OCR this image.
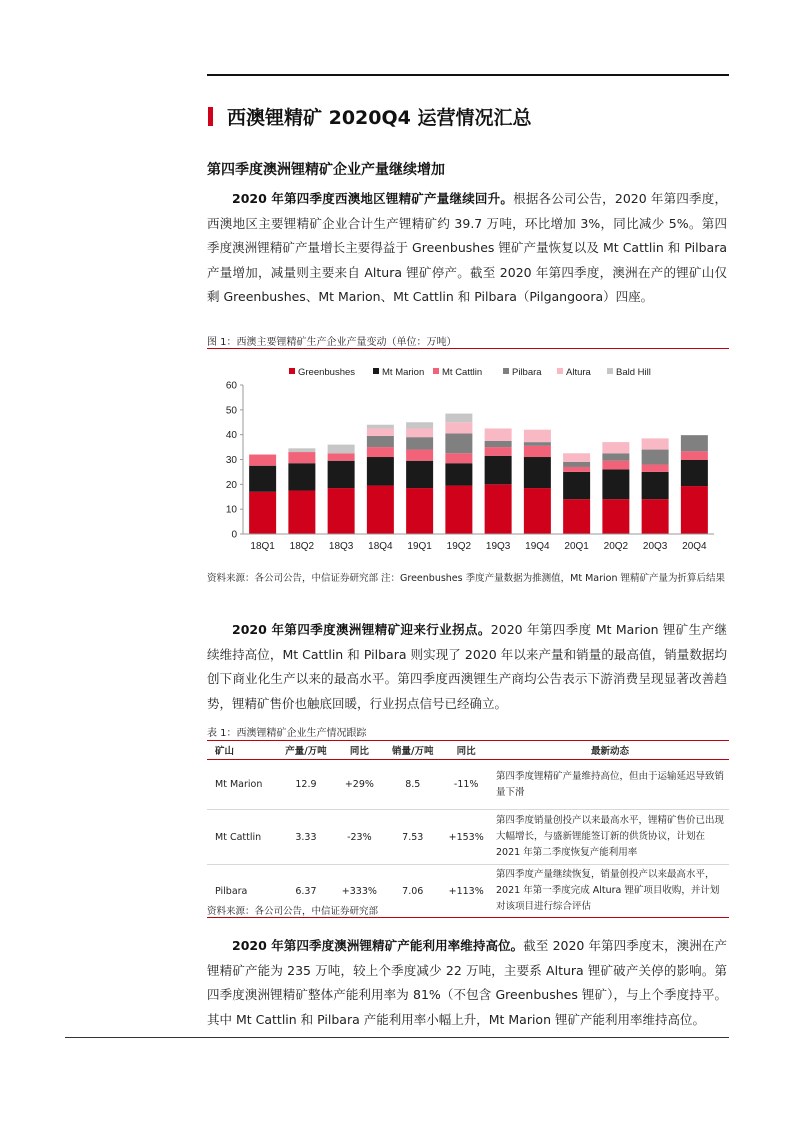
西澳锂精矿 2020Q4 运营情况汇总
第四季度澳洲锂精矿企业产量继续增加
2020 年第四季度西澳地区锂精矿产量继续回升。根据各公司公告，2020 年第四季度，西澳地区主要锂精矿企业合计生产锂精矿约 39.7 万吨，环比增加 3%，同比减少 5%。第四季度澳洲锂精矿产量增长主要得益于 Greenbushes 锂矿产量恢复以及 Mt Cattlin 和 Pilbara 产量增加，减量则主要来自 Altura 锂矿停产。截至 2020 年第四季度，澳洲在产的锂矿山仅剩 Greenbushes、Mt Marion、Mt Cattlin 和 Pilbara（Pilgangoora）四座。
图 1：西澳主要锂精矿生产企业产量变动（单位：万吨）
Greenbushes	Mt Marion Mt Cattlin	Pilbara	Altura	Bald Hill
0
10
20
30
40
50
60
18Q1 18Q2 18Q3 18Q4 19Q1 19Q2 19Q3 19Q4 20Q1 20Q2 20Q3 20Q4
资料来源：各公司公告，中信证券研究部 注：Greenbushes 季度产量数据为推测值，Mt Marion 锂精矿产量为折算后结果
2020 年第四季度澳洲锂精矿迎来行业拐点。2020 年第四季度 Mt Marion 锂矿生产继续维持高位，Mt Cattlin 和 Pilbara 则实现了 2020 年以来产量和销量的最高值，销量数据均创下商业化生产以来的最高水平。第四季度西澳锂生产商均公告表示下游消费呈现显著改善趋势，锂精矿售价也触底回暖，行业拐点信号已经确立。
表 1：西澳锂精矿企业生产情况跟踪
矿山	产量/万吨	同比	销量/万吨	同比	最新动态
Mt Marion	12.9	+29%	8.5	-11%	第四季度锂精矿产量维持高位，但由于运输延迟导致销量下滑
Mt Cattlin	3.33	-23%	7.53	+153%	第四季度销量创投产以来最高水平，锂精矿售价已出现大幅增长，与盛新锂能签订新的供货协议，计划在 2021 年第二季度恢复产能利用率
Pilbara	6.37	+333%	7.06	+113%	第四季度产量继续恢复，销量创投产以来最高水平，2021 年第一季度完成 Altura 锂矿项目收购，并计划对该项目进行综合评估
资料来源：各公司公告，中信证券研究部
2020 年第四季度澳洲锂精矿产能利用率维持高位。截至 2020 年第四季度末，澳洲在产锂精矿产能为 235 万吨，较上个季度减少 22 万吨，主要系 Altura 锂矿破产关停的影响。第四季度澳洲锂精矿整体产能利用率为 81%（不包含 Greenbushes 锂矿），与上个季度持平。其中 Mt Cattlin 和 Pilbara 产能利用率小幅上升，Mt Marion 锂矿产能利用率维持高位。
